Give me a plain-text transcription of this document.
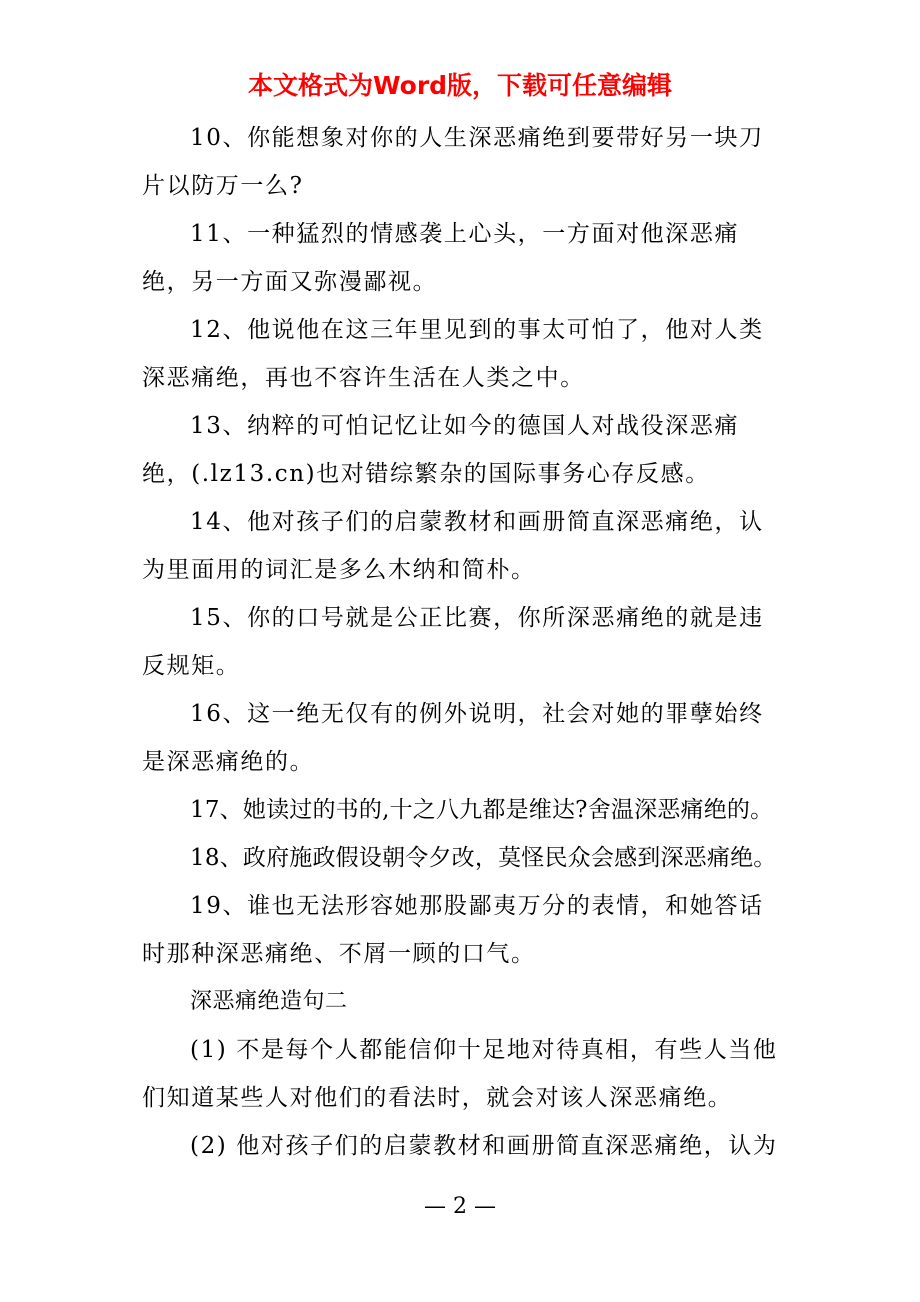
本文格式为Word版，下载可任意编辑

10、你能想象对你的人生深恶痛绝到要带好另一块刀片以防万一么?

11、一种猛烈的情感袭上心头，一方面对他深恶痛绝，另一方面又弥漫鄙视。

12、他说他在这三年里见到的事太可怕了，他对人类深恶痛绝，再也不容许生活在人类之中。

13、纳粹的可怕记忆让如今的德国人对战役深恶痛绝，(.lz13.cn)也对错综繁杂的国际事务心存反感。

14、他对孩子们的启蒙教材和画册简直深恶痛绝，认为里面用的词汇是多么木纳和简朴。

15、你的口号就是公正比赛，你所深恶痛绝的就是违反规矩。

16、这一绝无仅有的例外说明，社会对她的罪孽始终是深恶痛绝的。

17、她读过的书的,十之八九都是维达?舍温深恶痛绝的。

18、政府施政假设朝令夕改，莫怪民众会感到深恶痛绝。

19、谁也无法形容她那股鄙夷万分的表情，和她答话时那种深恶痛绝、不屑一顾的口气。

深恶痛绝造句二

(1) 不是每个人都能信仰十足地对待真相，有些人当他们知道某些人对他们的看法时，就会对该人深恶痛绝。

(2) 他对孩子们的启蒙教材和画册简直深恶痛绝，认为

— 2 —
